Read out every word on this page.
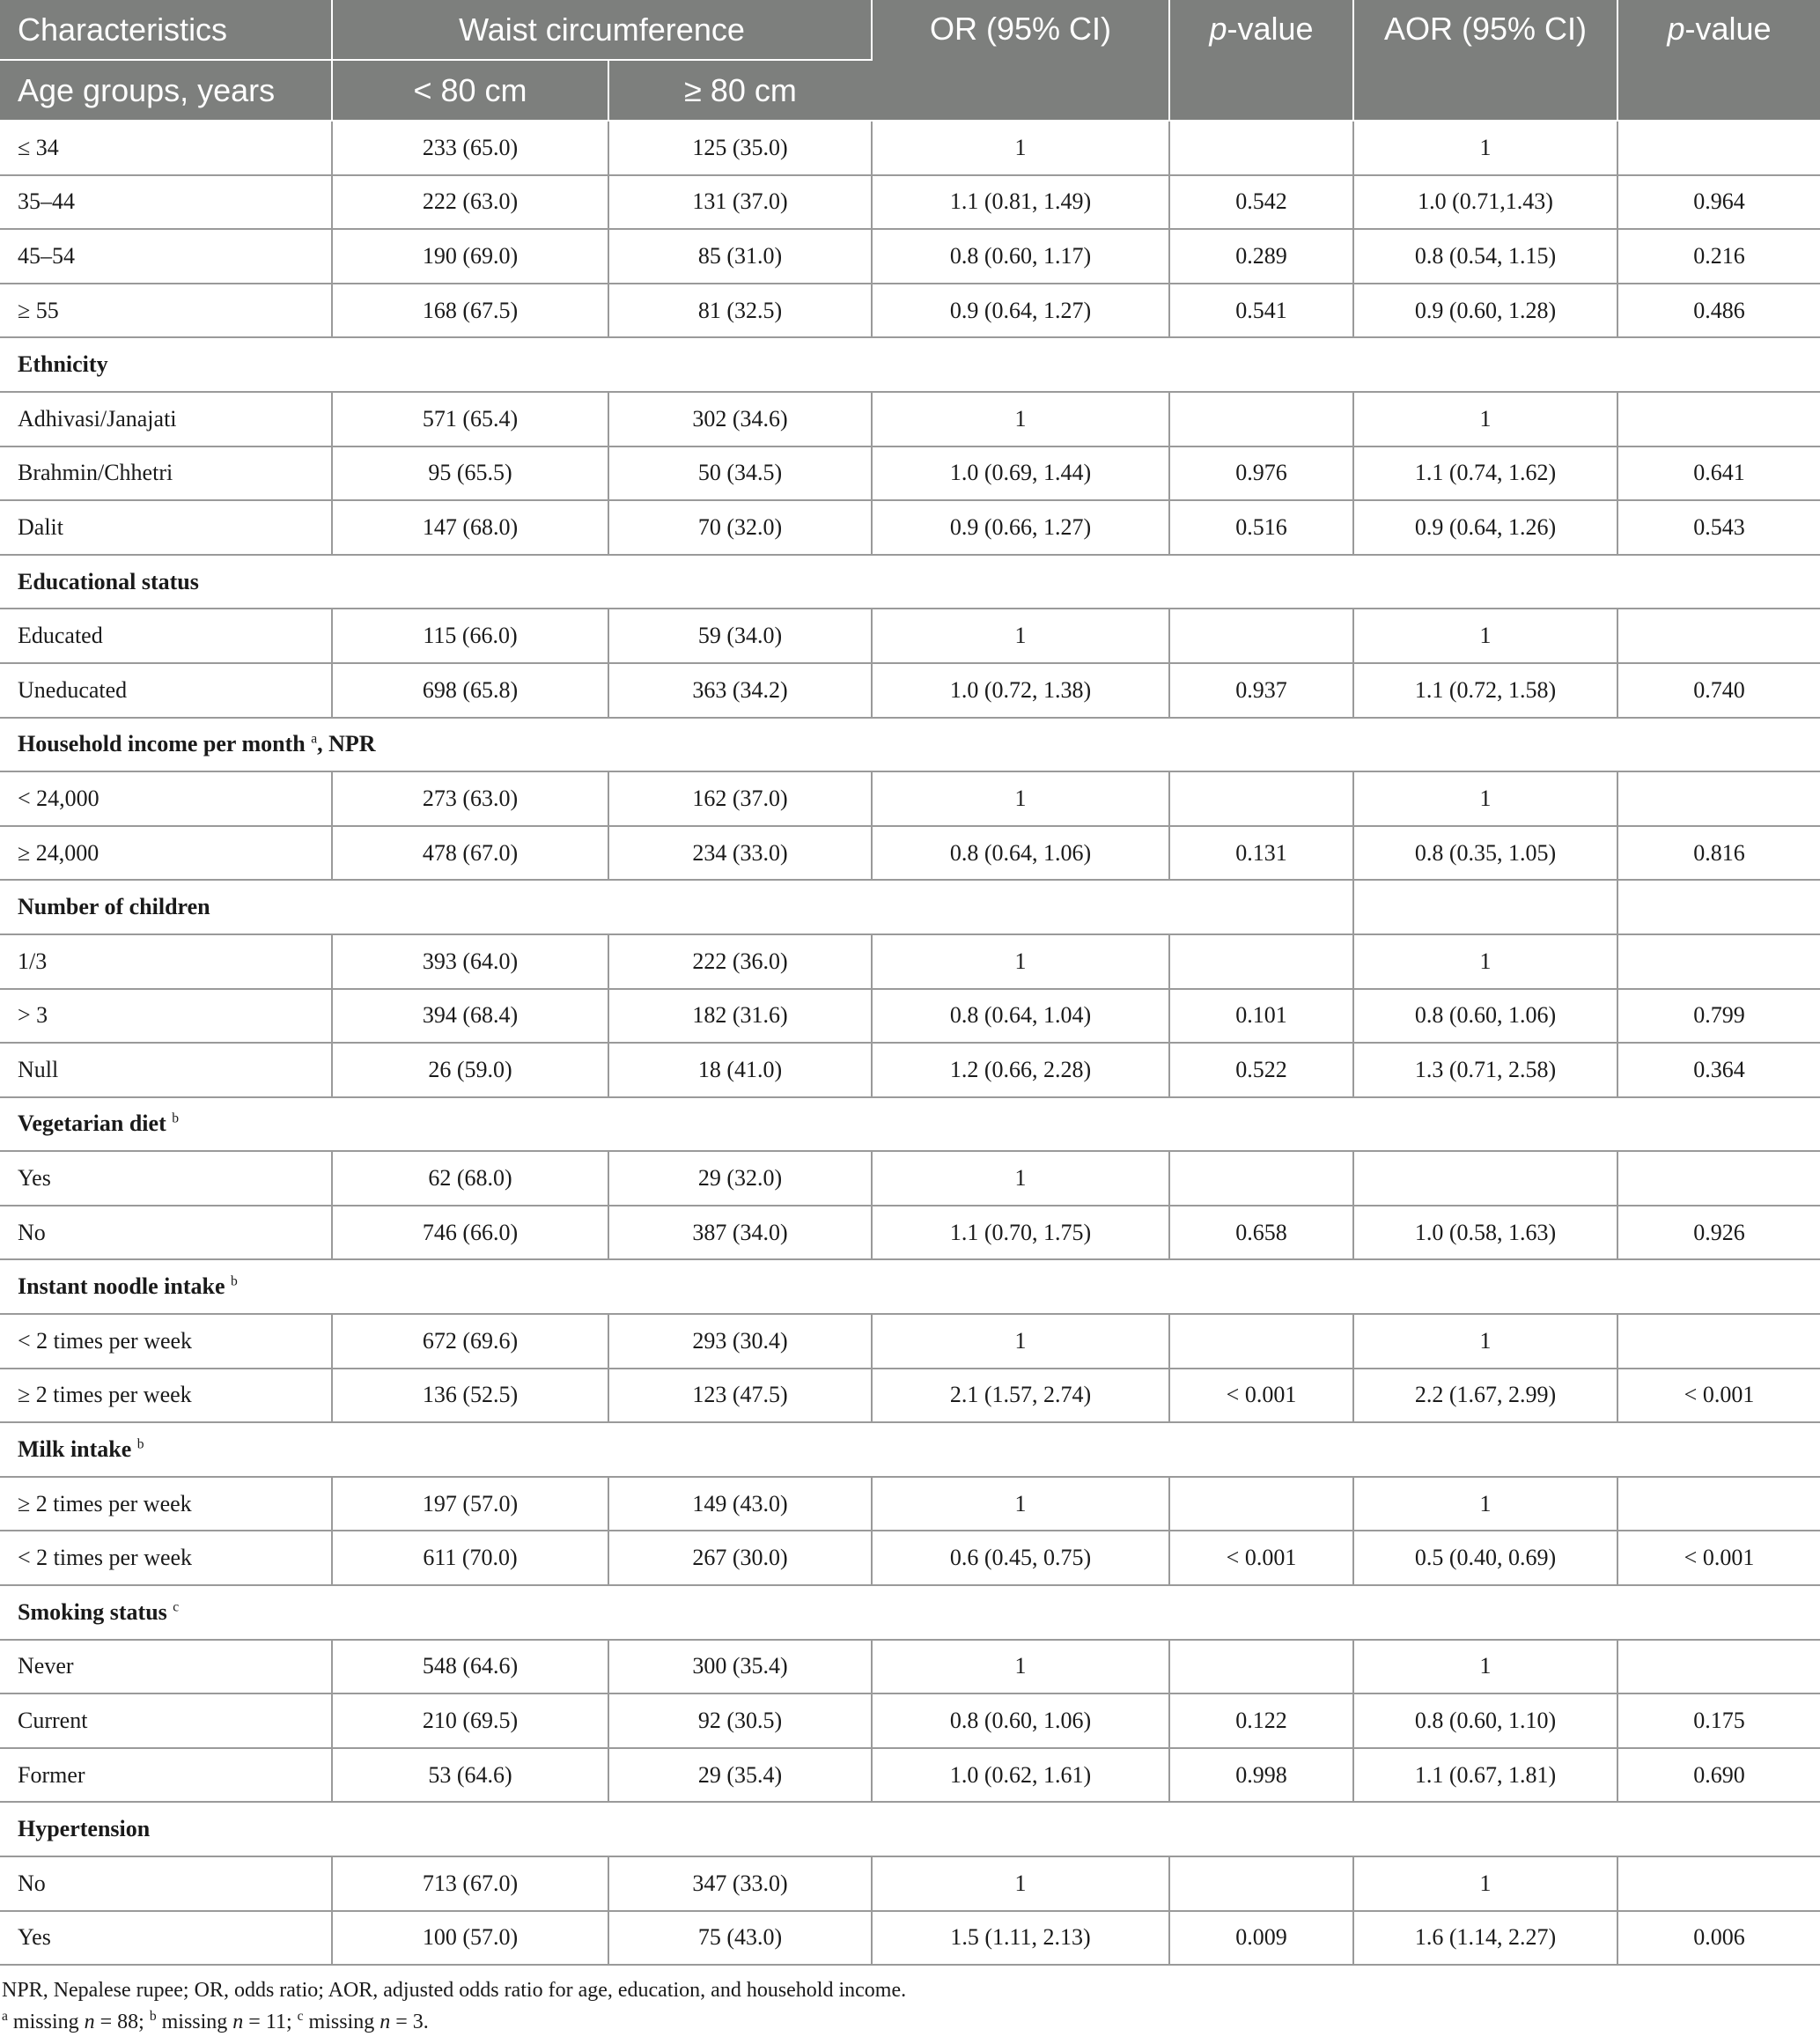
Characteristics	Waist circumference		OR (95% CI)	p-value	AOR (95% CI)	p-value
Age groups, years	< 80 cm	≥ 80 cm				
≤ 34	233 (65.0)	125 (35.0)	1		1	
35–44	222 (63.0)	131 (37.0)	1.1 (0.81, 1.49)	0.542	1.0 (0.71,1.43)	0.964
45–54	190 (69.0)	85 (31.0)	0.8 (0.60, 1.17)	0.289	0.8 (0.54, 1.15)	0.216
≥ 55	168 (67.5)	81 (32.5)	0.9 (0.64, 1.27)	0.541	0.9 (0.60, 1.28)	0.486
Ethnicity						
Adhivasi/Janajati	571 (65.4)	302 (34.6)	1		1	
Brahmin/Chhetri	95 (65.5)	50 (34.5)	1.0 (0.69, 1.44)	0.976	1.1 (0.74, 1.62)	0.641
Dalit	147 (68.0)	70 (32.0)	0.9 (0.66, 1.27)	0.516	0.9 (0.64, 1.26)	0.543
Educational status						
Educated	115 (66.0)	59 (34.0)	1		1	
Uneducated	698 (65.8)	363 (34.2)	1.0 (0.72, 1.38)	0.937	1.1 (0.72, 1.58)	0.740
Household income per month $^a$, NPR						
< 24,000	273 (63.0)	162 (37.0)	1		1	
≥ 24,000	478 (67.0)	234 (33.0)	0.8 (0.64, 1.06)	0.131	0.8 (0.35, 1.05)	0.816
Number of children						
1/3	393 (64.0)	222 (36.0)	1		1	
> 3	394 (68.4)	182 (31.6)	0.8 (0.64, 1.04)	0.101	0.8 (0.60, 1.06)	0.799
Null	26 (59.0)	18 (41.0)	1.2 (0.66, 2.28)	0.522	1.3 (0.71, 2.58)	0.364
Vegetarian diet $^b$
Yes	62 (68.0)	29 (32.0)	1			
No	746 (66.0)	387 (34.0)	1.1 (0.70, 1.75)	0.658	1.0 (0.58, 1.63)	0.926
Instant noodle intake $^b$
< 2 times per week	672 (69.6)	293 (30.4)	1		1	
≥ 2 times per week	136 (52.5)	123 (47.5)	2.1 (1.57, 2.74)	< 0.001	2.2 (1.67, 2.99)	< 0.001
Milk intake $^b$
≥ 2 times per week	197 (57.0)	149 (43.0)	1		1	
< 2 times per week	611 (70.0)	267 (30.0)	0.6 (0.45, 0.75)	< 0.001	0.5 (0.40, 0.69)	< 0.001
Smoking status $^c$
Never	548 (64.6)	300 (35.4)	1		1	
Current	210 (69.5)	92 (30.5)	0.8 (0.60, 1.06)	0.122	0.8 (0.60, 1.10)	0.175
Former	53 (64.6)	29 (35.4)	1.0 (0.62, 1.61)	0.998	1.1 (0.67, 1.81)	0.690
Hypertension						
No	713 (67.0)	347 (33.0)	1		1	
Yes	100 (57.0)	75 (43.0)	1.5 (1.11, 2.13)	0.009	1.6 (1.14, 2.27)	0.006
NPR, Nepalese rupee; OR, odds ratio; AOR, adjusted odds ratio for age, education, and household income.
$^a$ missing n = 88; $^b$ missing n = 11; $^c$ missing n = 3.
